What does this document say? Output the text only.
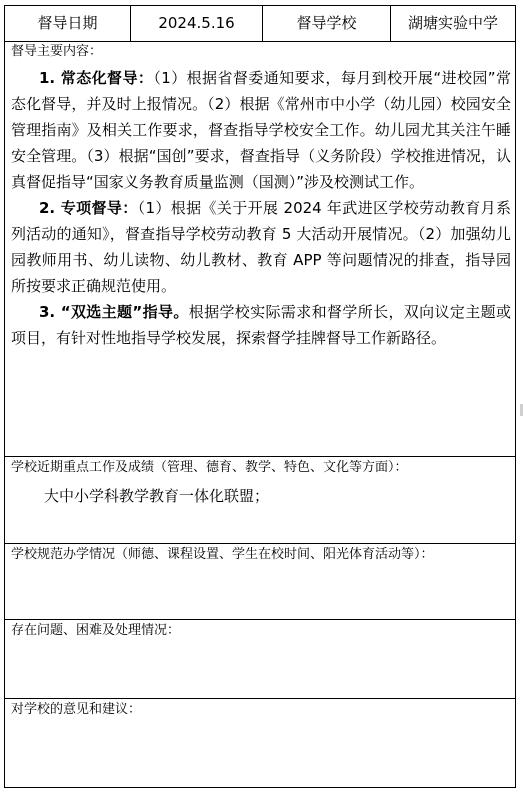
督导日期	2024.5.16	督导学校	湖塘实验中学
督导主要内容：

1. 常态化督导：（1）根据省督委通知要求，每月到校开展“进校园”常态化督导，并及时上报情况。（2）根据《常州市中小学（幼儿园）校园安全管理指南》及相关工作要求，督查指导学校安全工作。幼儿园尤其关注午睡安全管理。（3）根据“国创”要求，督查指导（义务阶段）学校推进情况，认真督促指导“国家义务教育质量监测（国测）”涉及校测试工作。

2. 专项督导：（1）根据《关于开展 2024 年武进区学校劳动教育月系列活动的通知》，督查指导学校劳动教育 5 大活动开展情况。（2）加强幼儿园教师用书、幼儿读物、幼儿教材、教育 APP 等问题情况的排查，指导园所按要求正确规范使用。

3. “双选主题”指导。根据学校实际需求和督学所长，双向议定主题或项目，有针对性地指导学校发展，探索督学挂牌督导工作新路径。

学校近期重点工作及成绩（管理、德育、教学、特色、文化等方面）：
大中小学科教学教育一体化联盟；
学校规范办学情况（师德、课程设置、学生在校时间、阳光体育活动等）：
存在问题、困难及处理情况：
对学校的意见和建议：
